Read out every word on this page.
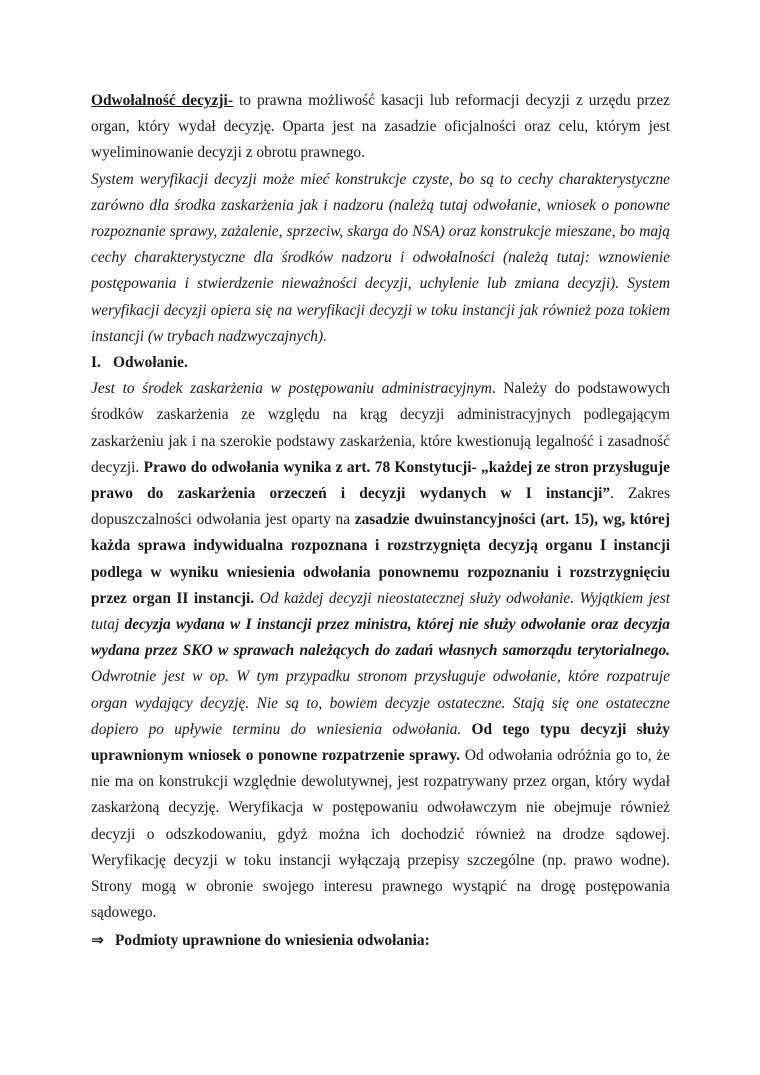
Odwołalność decyzji- to prawna możliwość kasacji lub reformacji decyzji z urzędu przez organ, który wydał decyzję. Oparta jest na zasadzie oficjalności oraz celu, którym jest wyeliminowanie decyzji z obrotu prawnego.

System weryfikacji decyzji może mieć konstrukcje czyste, bo są to cechy charakterystyczne zarówno dla środka zaskarżenia jak i nadzoru (należą tutaj odwołanie, wniosek o ponowne rozpoznanie sprawy, zażalenie, sprzeciw, skarga do NSA) oraz konstrukcje mieszane, bo mają cechy charakterystyczne dla środków nadzoru i odwołalności (należą tutaj: wznowienie postępowania i stwierdzenie nieważności decyzji, uchylenie lub zmiana decyzji). System weryfikacji decyzji opiera się na weryfikacji decyzji w toku instancji jak również poza tokiem instancji (w trybach nadzwyczajnych).

I. Odwołanie.

Jest to środek zaskarżenia w postępowaniu administracyjnym. Należy do podstawowych środków zaskarżenia ze względu na krąg decyzji administracyjnych podlegającym zaskarżeniu jak i na szerokie podstawy zaskarżenia, które kwestionują legalność i zasadność decyzji. Prawo do odwołania wynika z art. 78 Konstytucji- „każdej ze stron przysługuje prawo do zaskarżenia orzeczeń i decyzji wydanych w I instancji”. Zakres dopuszczalności odwołania jest oparty na zasadzie dwuinstancyjności (art. 15), wg, której każda sprawa indywidualna rozpoznana i rozstrzygnięta decyzją organu I instancji podlega w wyniku wniesienia odwołania ponownemu rozpoznaniu i rozstrzygnięciu przez organ II instancji. Od każdej decyzji nieostatecznej służy odwołanie. Wyjątkiem jest tutaj decyzja wydana w I instancji przez ministra, której nie służy odwołanie oraz decyzja wydana przez SKO w sprawach należących do zadań własnych samorządu terytorialnego. Odwrotnie jest w op. W tym przypadku stronom przysługuje odwołanie, które rozpatruje organ wydający decyzję. Nie są to, bowiem decyzje ostateczne. Stają się one ostateczne dopiero po upływie terminu do wniesienia odwołania. Od tego typu decyzji służy uprawnionym wniosek o ponowne rozpatrzenie sprawy. Od odwołania odróżnia go to, że nie ma on konstrukcji względnie dewolutywnej, jest rozpatrywany przez organ, który wydał zaskarżoną decyzję. Weryfikacja w postępowaniu odwoławczym nie obejmuje również decyzji o odszkodowaniu, gdyż można ich dochodzić również na drodze sądowej. Weryfikację decyzji w toku instancji wyłączają przepisy szczególne (np. prawo wodne). Strony mogą w obronie swojego interesu prawnego wystąpić na drogę postępowania sądowego.

⇒ Podmioty uprawnione do wniesienia odwołania:
